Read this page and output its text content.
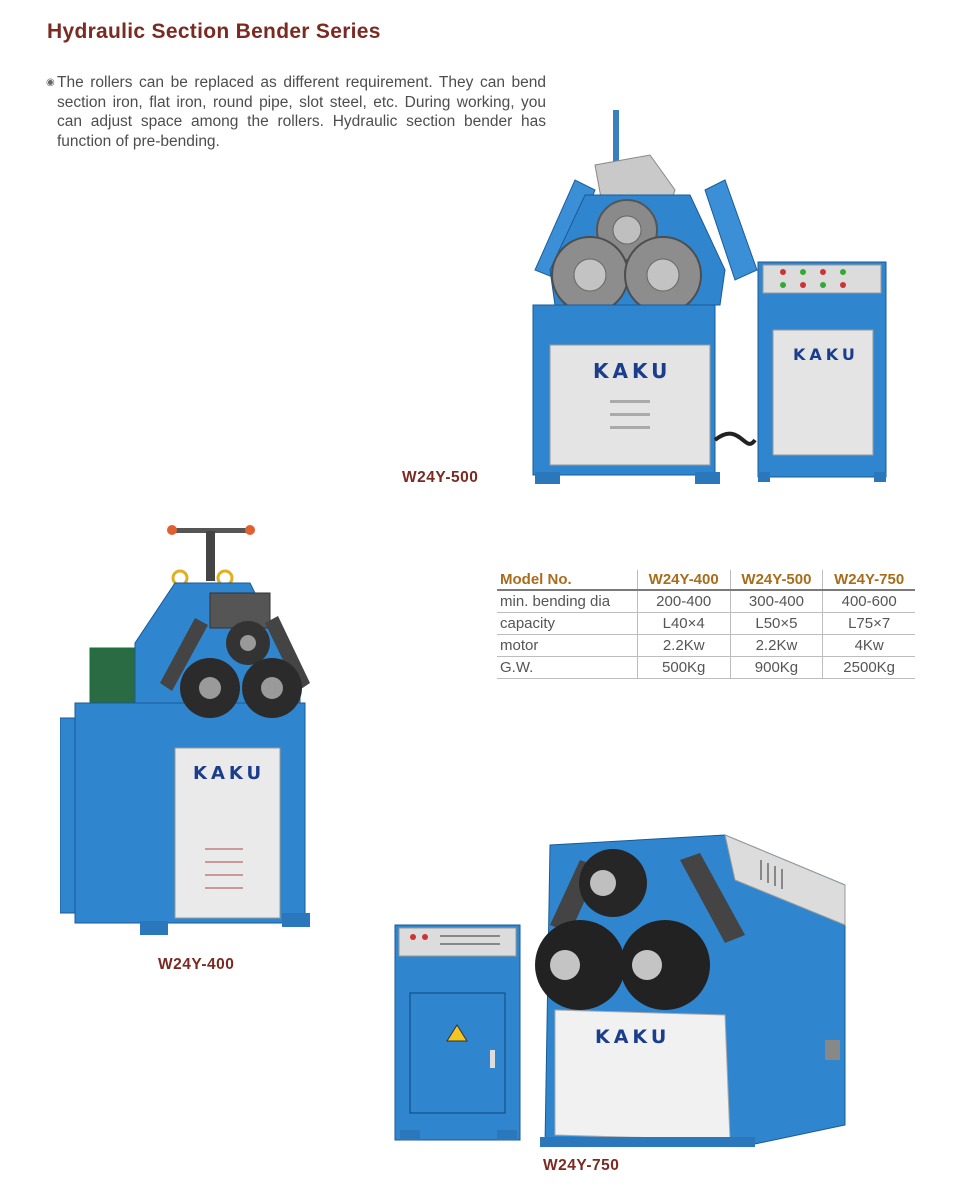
Hydraulic Section Bender Series
◉ The rollers can be replaced as different requirement. They can bend section iron, flat iron, round pipe, slot steel, etc. During working, you can adjust space among the rollers. Hydraulic section bender has function of pre-bending.
KAKU
KAKU
W24Y-500
KAKU
W24Y-400
Model No.	W24Y-400	W24Y-500	W24Y-750
min. bending dia	200-400	300-400	400-600
capacity	L40×4	L50×5	L75×7
motor	2.2Kw	2.2Kw	4Kw
G.W.	500Kg	900Kg	2500Kg
KAKU
W24Y-750
